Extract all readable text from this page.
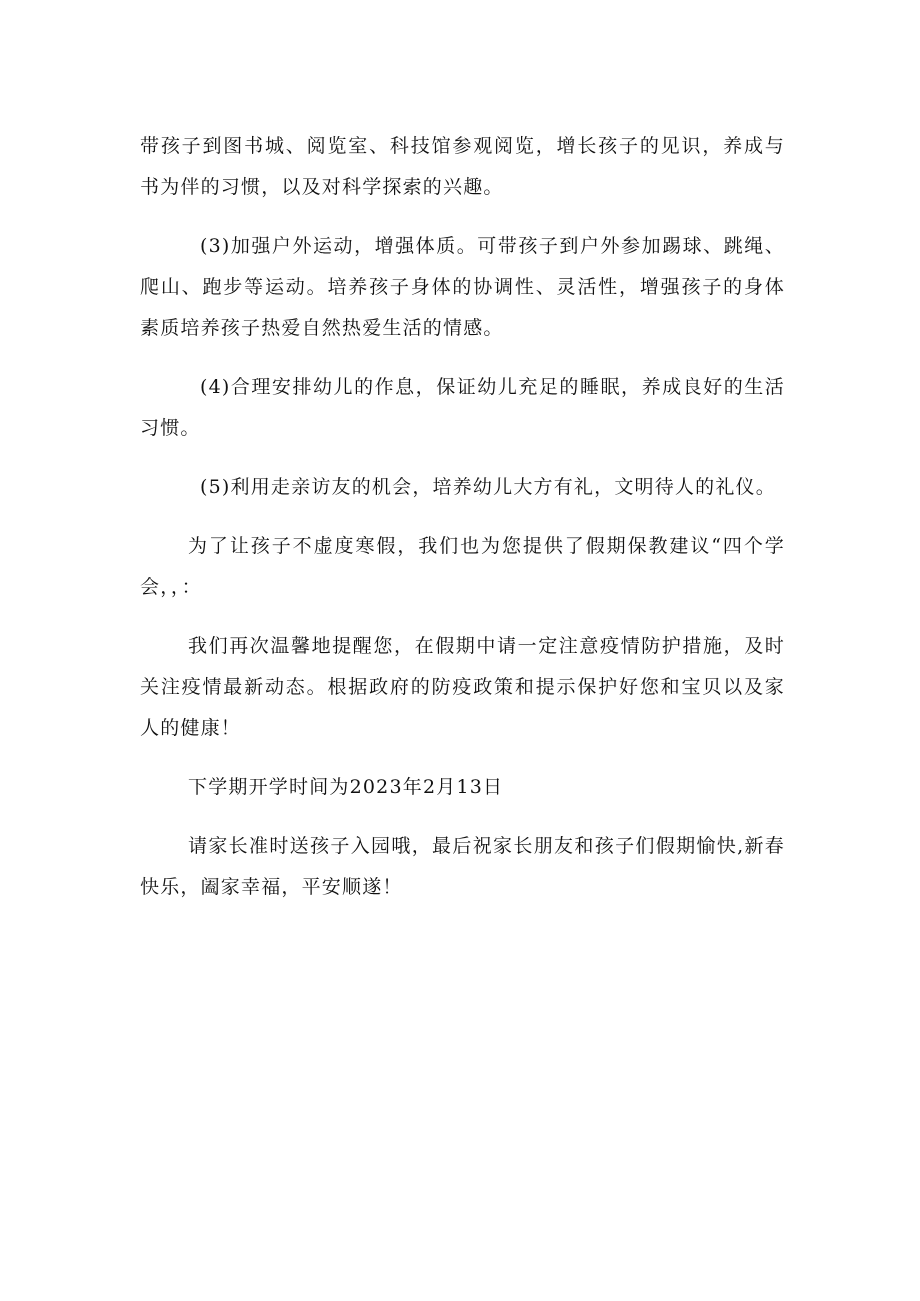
带孩子到图书城、阅览室、科技馆参观阅览，增长孩子的见识，养成与书为伴的习惯，以及对科学探索的兴趣。

(3)加强户外运动，增强体质。可带孩子到户外参加踢球、跳绳、爬山、跑步等运动。培养孩子身体的协调性、灵活性，增强孩子的身体素质培养孩子热爱自然热爱生活的情感。

(4)合理安排幼儿的作息，保证幼儿充足的睡眠，养成良好的生活习惯。

(5)利用走亲访友的机会，培养幼儿大方有礼，文明待人的礼仪。

为了让孩子不虚度寒假，我们也为您提供了假期保教建议“四个学会，，：

我们再次温馨地提醒您，在假期中请一定注意疫情防护措施，及时关注疫情最新动态。根据政府的防疫政策和提示保护好您和宝贝以及家人的健康！

下学期开学时间为2023年2月13日

请家长准时送孩子入园哦，最后祝家长朋友和孩子们假期愉快,新春快乐，阖家幸福，平安顺遂！
